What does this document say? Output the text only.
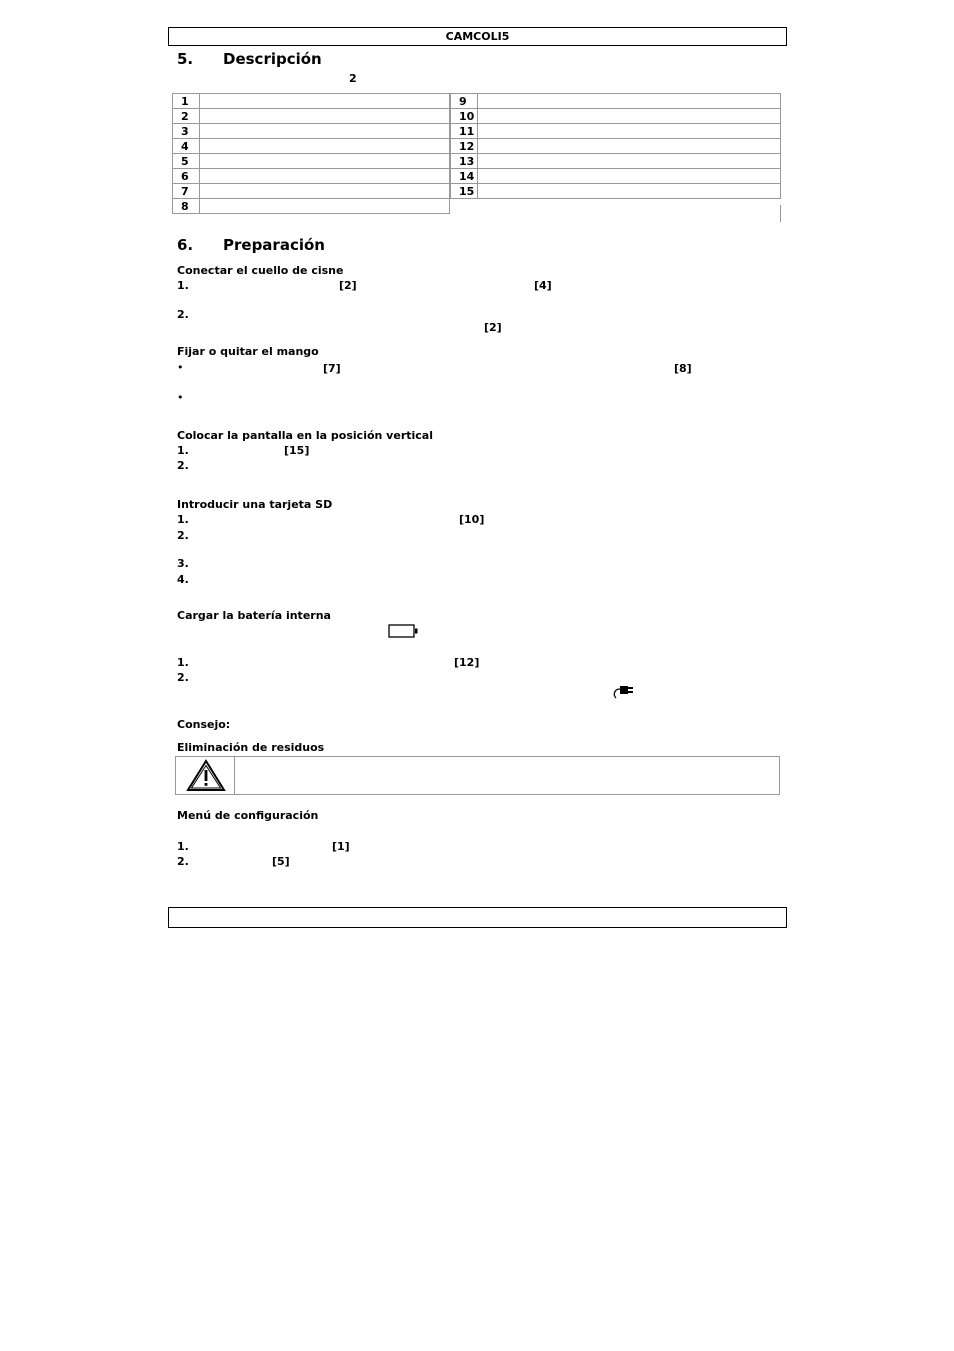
CAMCOLI5
5. Descripción
2
1	
2	
3	
4	
5	
6	
7	
8	
9	
10	
11	
12	
13	
14	
15	
6. Preparación
Conectar el cuello de cisne
1.	[2]	[4]
2.
[2]
Fijar o quitar el mango
•	[7]	[8]
•
Colocar la pantalla en la posición vertical
1.	[15]
2.
Introducir una tarjeta SD
1.	[10]
2.
3.
4.
Cargar la batería interna
1.	[12]
2.
Consejo:
Eliminación de residuos
Menú de configuración
1.	[1]
2.	[5]
